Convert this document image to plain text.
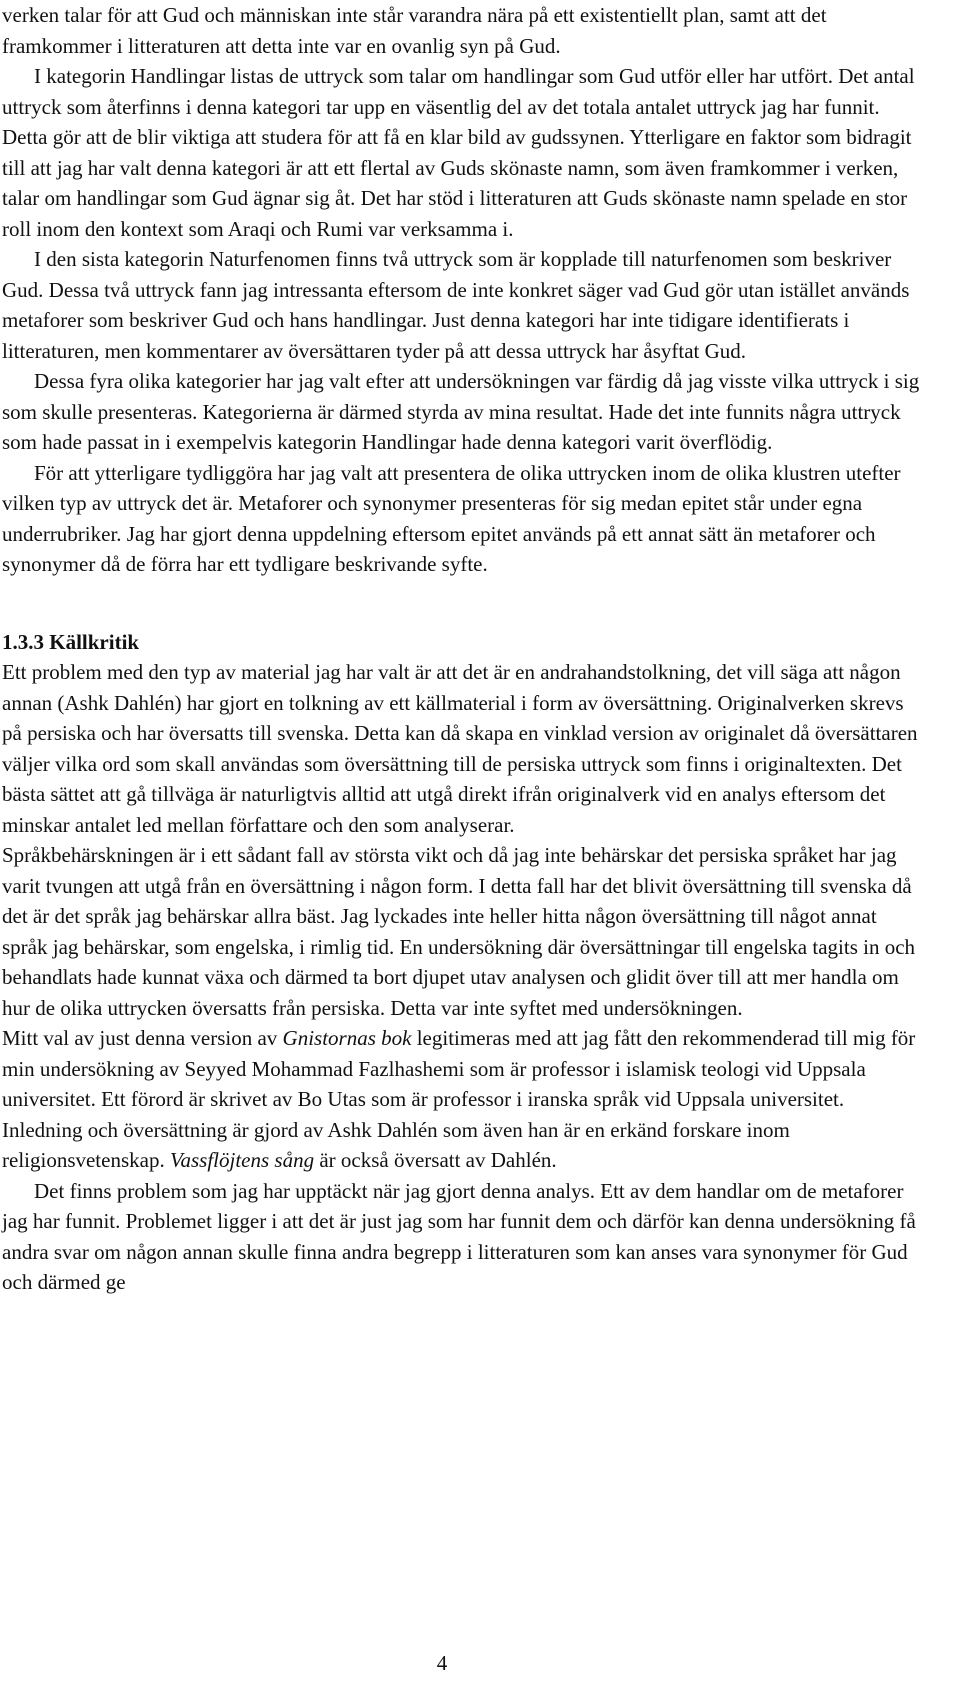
verken talar för att Gud och människan inte står varandra nära på ett existentiellt plan, samt att det framkommer i litteraturen att detta inte var en ovanlig syn på Gud.

I kategorin Handlingar listas de uttryck som talar om handlingar som Gud utför eller har utfört. Det antal uttryck som återfinns i denna kategori tar upp en väsentlig del av det totala antalet uttryck jag har funnit. Detta gör att de blir viktiga att studera för att få en klar bild av gudssynen. Ytterligare en faktor som bidragit till att jag har valt denna kategori är att ett flertal av Guds skönaste namn, som även framkommer i verken, talar om handlingar som Gud ägnar sig åt. Det har stöd i litteraturen att Guds skönaste namn spelade en stor roll inom den kontext som Araqi och Rumi var verksamma i.

I den sista kategorin Naturfenomen finns två uttryck som är kopplade till naturfenomen som beskriver Gud. Dessa två uttryck fann jag intressanta eftersom de inte konkret säger vad Gud gör utan istället används metaforer som beskriver Gud och hans handlingar. Just denna kategori har inte tidigare identifierats i litteraturen, men kommentarer av översättaren tyder på att dessa uttryck har åsyftat Gud.

Dessa fyra olika kategorier har jag valt efter att undersökningen var färdig då jag visste vilka uttryck i sig som skulle presenteras. Kategorierna är därmed styrda av mina resultat. Hade det inte funnits några uttryck som hade passat in i exempelvis kategorin Handlingar hade denna kategori varit överflödig.

För att ytterligare tydliggöra har jag valt att presentera de olika uttrycken inom de olika klustren utefter vilken typ av uttryck det är. Metaforer och synonymer presenteras för sig medan epitet står under egna underrubriker. Jag har gjort denna uppdelning eftersom epitet används på ett annat sätt än metaforer och synonymer då de förra har ett tydligare beskrivande syfte.

1.3.3 Källkritik

Ett problem med den typ av material jag har valt är att det är en andrahandstolkning, det vill säga att någon annan (Ashk Dahlén) har gjort en tolkning av ett källmaterial i form av översättning. Originalverken skrevs på persiska och har översatts till svenska. Detta kan då skapa en vinklad version av originalet då översättaren väljer vilka ord som skall användas som översättning till de persiska uttryck som finns i originaltexten. Det bästa sättet att gå tillväga är naturligtvis alltid att utgå direkt ifrån originalverk vid en analys eftersom det minskar antalet led mellan författare och den som analyserar.

Språkbehärskningen är i ett sådant fall av största vikt och då jag inte behärskar det persiska språket har jag varit tvungen att utgå från en översättning i någon form. I detta fall har det blivit översättning till svenska då det är det språk jag behärskar allra bäst. Jag lyckades inte heller hitta någon översättning till något annat språk jag behärskar, som engelska, i rimlig tid. En undersökning där översättningar till engelska tagits in och behandlats hade kunnat växa och därmed ta bort djupet utav analysen och glidit över till att mer handla om hur de olika uttrycken översatts från persiska. Detta var inte syftet med undersökningen.

Mitt val av just denna version av Gnistornas bok legitimeras med att jag fått den rekommenderad till mig för min undersökning av Seyyed Mohammad Fazlhashemi som är professor i islamisk teologi vid Uppsala universitet. Ett förord är skrivet av Bo Utas som är professor i iranska språk vid Uppsala universitet. Inledning och översättning är gjord av Ashk Dahlén som även han är en erkänd forskare inom religionsvetenskap. Vassflöjtens sång är också översatt av Dahlén.

Det finns problem som jag har upptäckt när jag gjort denna analys. Ett av dem handlar om de metaforer jag har funnit. Problemet ligger i att det är just jag som har funnit dem och därför kan denna undersökning få andra svar om någon annan skulle finna andra begrepp i litteraturen som kan anses vara synonymer för Gud och därmed ge

4
